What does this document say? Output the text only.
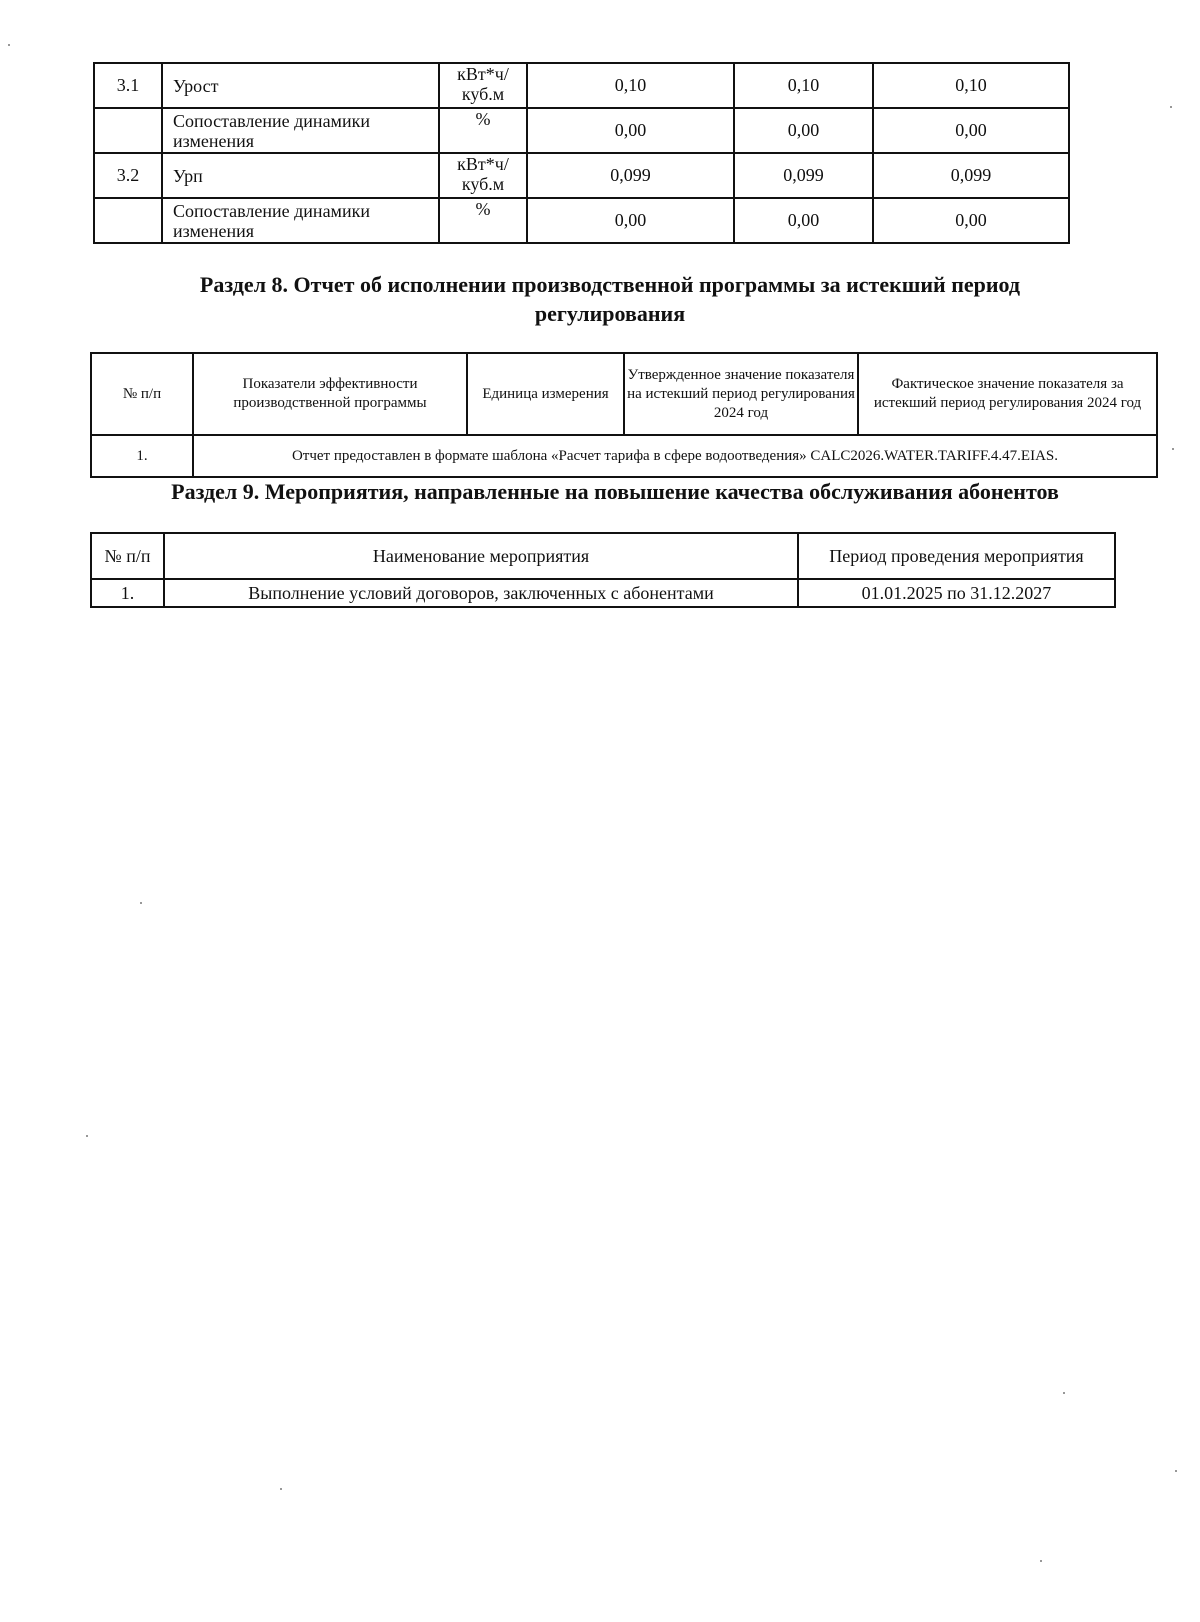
3.1	Урост	кВт*ч/ куб.м	0,10	0,10	0,10
	Сопоставление динамики изменения	%	0,00	0,00	0,00
3.2	Урп	кВт*ч/ куб.м	0,099	0,099	0,099
	Сопоставление динамики изменения	%	0,00	0,00	0,00
Раздел 8. Отчет об исполнении производственной программы за истекший период регулирования
№ п/п	Показатели эффективности производственной программы	Единица измерения	Утвержденное значение показателя на истекший период регулирования 2024 год	Фактическое значение показателя за истекший период регулирования 2024 год
1.	Отчет предоставлен в формате шаблона «Расчет тарифа в сфере водоотведения» CALC2026.WATER.TARIFF.4.47.EIAS.			
Раздел 9. Мероприятия, направленные на повышение качества обслуживания абонентов
№ п/п	Наименование мероприятия	Период проведения мероприятия
1.	Выполнение условий договоров, заключенных с абонентами	01.01.2025 по 31.12.2027
